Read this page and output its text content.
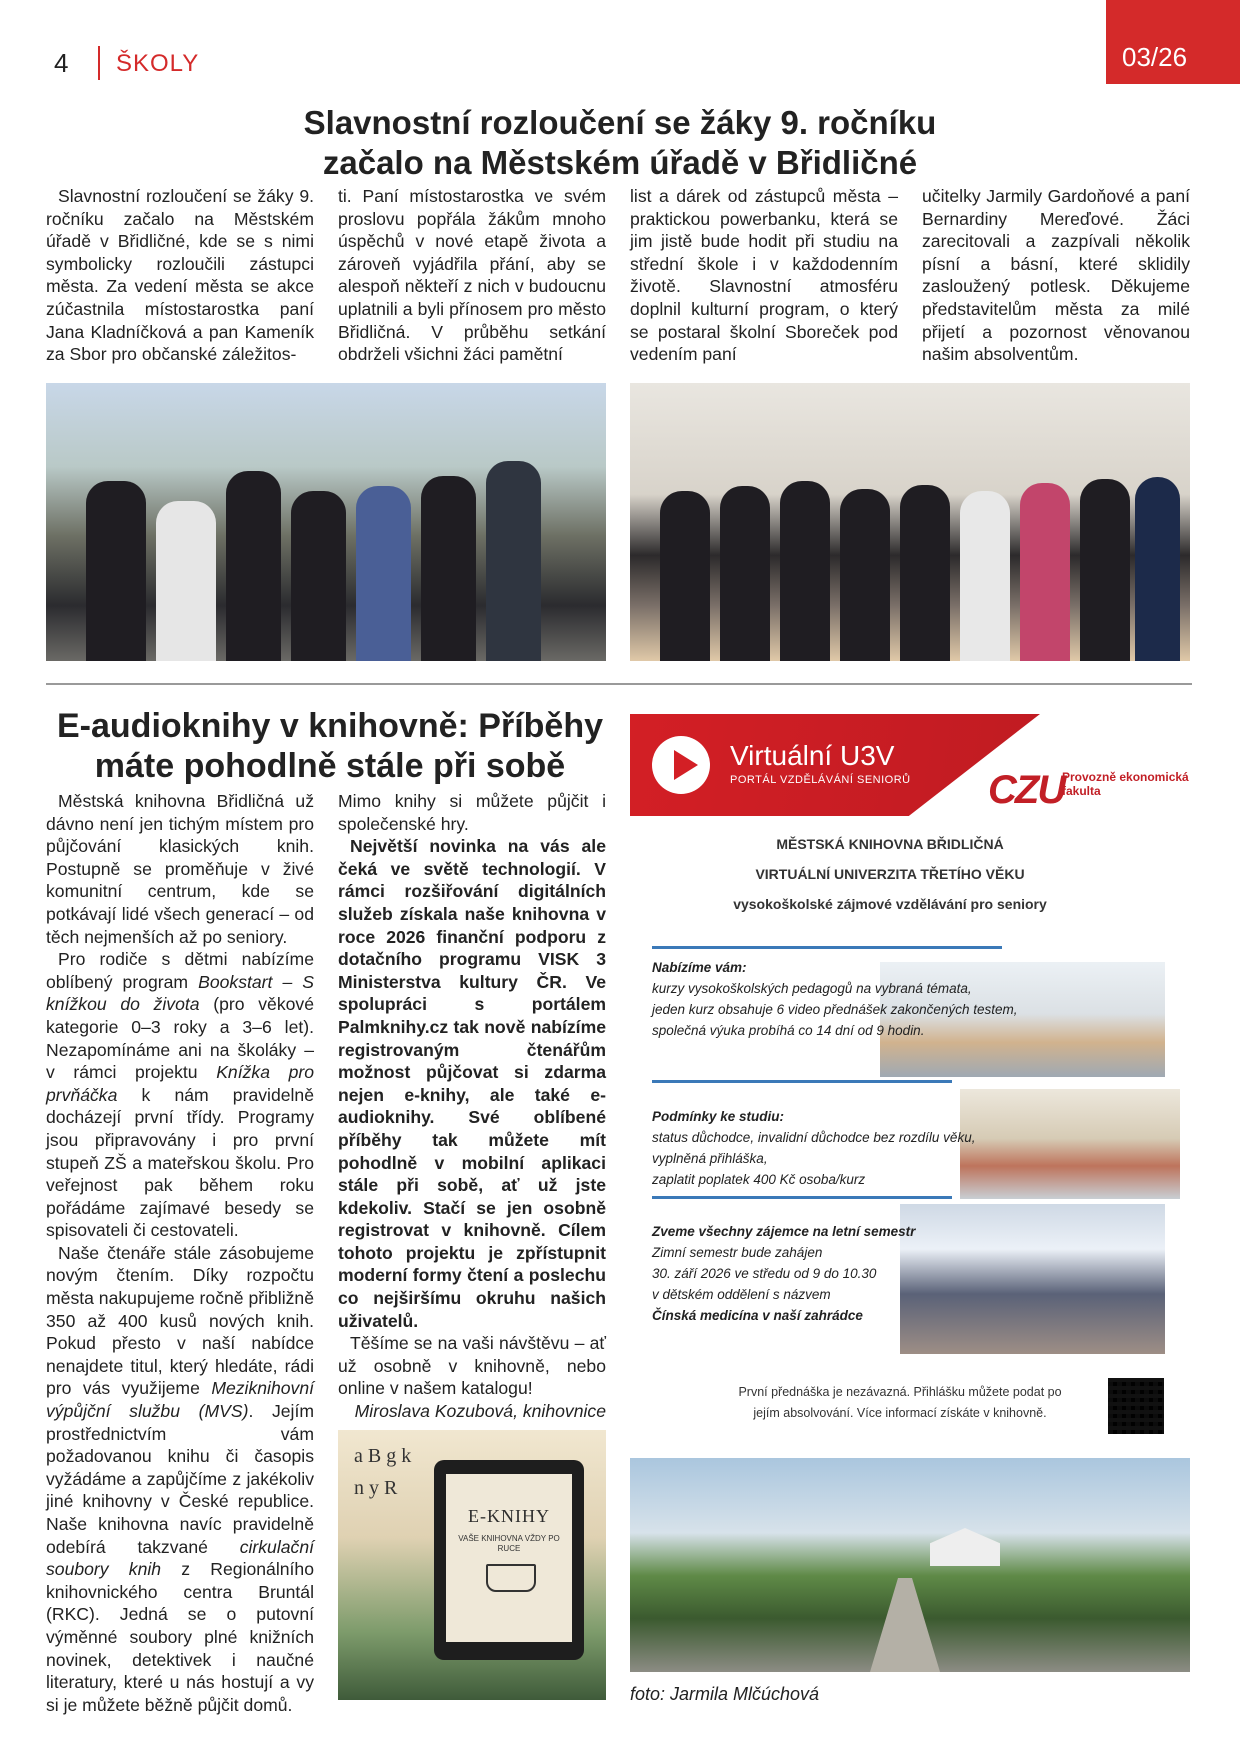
4 ŠKOLY	03/26
Slavnostní rozloučení se žáky 9. ročníku
začalo na Městském úřadě v Břidličné

Slavnostní rozloučení se žáky 9. ročníku začalo na Městském úřadě v Břidličné, kde se s nimi symbolicky rozloučili zástupci města. Za vedení města se akce zúčastnila místostarostka paní Jana Kladníčková a pan Kameník za Sbor pro občanské záležitos-

ti. Paní místostarostka ve svém proslovu popřála žákům mnoho úspěchů v nové etapě života a zároveň vyjádřila přání, aby se alespoň někteří z nich v budoucnu uplatnili a byli přínosem pro město Břidličná. V průběhu setkání obdrželi všichni žáci pamětní

list a dárek od zástupců města – praktickou powerbanku, která se jim jistě bude hodit při studiu na střední škole i v každodenním životě. Slavnostní atmosféru doplnil kulturní program, o který se postaral školní Sboreček pod vedením paní

učitelky Jarmily Gardoňové a paní Bernardiny Mereďové. Žáci zarecitovali a zazpívali několik písní a básní, které sklidily zasloužený potlesk. Děkujeme představitelům města za milé přijetí a pozornost věnovanou našim absolventům.

E-audioknihy v knihovně: Příběhy
máte pohodlně stále při sobě

Městská knihovna Břidličná už dávno není jen tichým místem pro půjčování klasických knih. Postupně se proměňuje v živé komunitní centrum, kde se potkávají lidé všech generací – od těch nejmenších až po seniory.

Pro rodiče s dětmi nabízíme oblíbený program Bookstart – S knížkou do života (pro věkové kategorie 0–3 roky a 3–6 let). Nezapomínáme ani na školáky – v rámci projektu Knížka pro prvňáčka k nám pravidelně docházejí první třídy. Programy jsou připravovány i pro první stupeň ZŠ a mateřskou školu. Pro veřejnost pak během roku pořádáme zajímavé besedy se spisovateli či cestovateli.

Naše čtenáře stále zásobujeme novým čtením. Díky rozpočtu města nakupujeme ročně přibližně 350 až 400 kusů nových knih. Pokud přesto v naší nabídce nenajdete titul, který hledáte, rádi pro vás využijeme Meziknihovní výpůjční službu (MVS). Jejím prostřednictvím vám požadovanou knihu či časopis vyžádáme a zapůjčíme z jakékoliv jiné knihovny v České republice. Naše knihovna navíc pravidelně odebírá takzvané cirkulační soubory knih z Regionálního knihovnického centra Bruntál (RKC). Jedná se o putovní výměnné soubory plné knižních novinek, detektivek i naučné literatury, které u nás hostují a vy si je můžete běžně půjčit domů.

Mimo knihy si můžete půjčit i společenské hry.

Největší novinka na vás ale čeká ve světě technologií. V rámci rozšiřování digitálních služeb získala naše knihovna v roce 2026 finanční podporu z dotačního programu VISK 3 Ministerstva kultury ČR. Ve spolupráci s portálem Palmknihy.cz tak nově nabízíme registrovaným čtenářům možnost půjčovat si zdarma nejen e-knihy, ale také e-audioknihy. Své oblíbené příběhy tak můžete mít pohodlně v mobilní aplikaci stále při sobě, ať už jste kdekoliv. Stačí se jen osobně registrovat v knihovně. Cílem tohoto projektu je zpřístupnit moderní formy čtení a poslechu co nejširšímu okruhu našich uživatelů.

Těšíme se na vaši návštěvu – ať už osobně v knihovně, nebo online v našem katalogu!

Miroslava Kozubová, knihovnice

a B g k n y R
E-KNIHY
VAŠE KNIHOVNA VŽDY PO RUCE
Virtuální U3V
PORTÁL VZDĚLÁVÁNÍ SENIORŮ CZU
Provozně ekonomická fakulta
MĚSTSKÁ KNIHOVNA BŘIDLIČNÁ
VIRTUÁLNÍ UNIVERZITA TŘETÍHO VĚKU
vysokoškolské zájmové vzdělávání pro seniory
Nabízíme vám:
kurzy vysokoškolských pedagogů na vybraná témata,
jeden kurz obsahuje 6 video přednášek zakončených testem,
společná výuka probíhá co 14 dní od 9 hodin.
Podmínky ke studiu:
status důchodce, invalidní důchodce bez rozdílu věku,
vyplněná přihláška,
zaplatit poplatek 400 Kč osoba/kurz
Zveme všechny zájemce na letní semestr
Zimní semestr bude zahájen
30. září 2026 ve středu od 9 do 10.30
v dětském oddělení s názvem
Čínská medicína v naší zahrádce
První přednáška je nezávazná. Přihlášku můžete podat po
jejím absolvování. Více informací získáte v knihovně.
foto: Jarmila Mlčúchová
